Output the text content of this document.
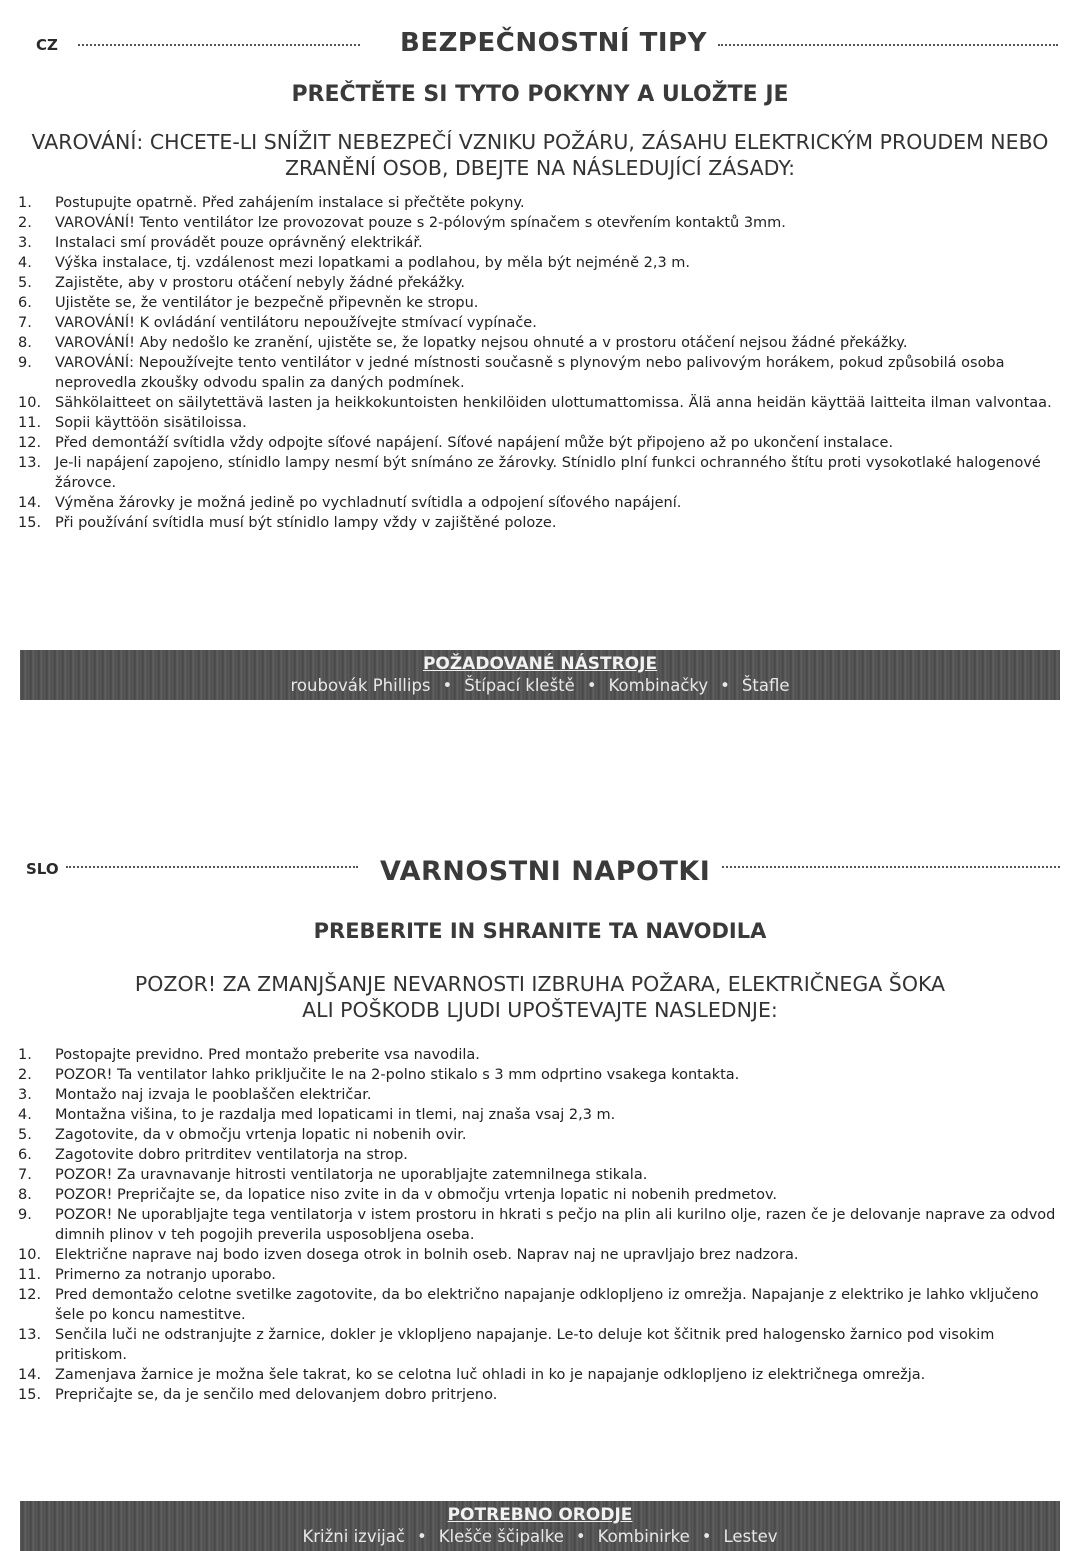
CZ	BEZPEČNOSTNÍ TIPY
PREČTĚTE SI TYTO POKYNY A ULOŽTE JE
VAROVÁNÍ: CHCETE-LI SNÍŽIT NEBEZPEČÍ VZNIKU POŽÁRU, ZÁSAHU ELEKTRICKÝM PROUDEM NEBO
ZRANĚNÍ OSOB, DBEJTE NA NÁSLEDUJÍCÍ ZÁSADY:
1.	Postupujte opatrně. Před zahájením instalace si přečtěte pokyny.
2.	VAROVÁNÍ! Tento ventilátor lze provozovat pouze s 2-pólovým spínačem s otevřením kontaktů 3mm.
3.	Instalaci smí provádět pouze oprávněný elektrikář.
4.	Výška instalace, tj. vzdálenost mezi lopatkami a podlahou, by měla být nejméně 2,3 m.
5.	Zajistěte, aby v prostoru otáčení nebyly žádné překážky.
6.	Ujistěte se, že ventilátor je bezpečně připevněn ke stropu.
7.	VAROVÁNÍ! K ovládání ventilátoru nepoužívejte stmívací vypínače.
8.	VAROVÁNÍ! Aby nedošlo ke zranění, ujistěte se, že lopatky nejsou ohnuté a v prostoru otáčení nejsou žádné překážky.
9.	VAROVÁNÍ: Nepoužívejte tento ventilátor v jedné místnosti současně s plynovým nebo palivovým horákem, pokud způsobilá osoba neprovedla zkoušky odvodu spalin za daných podmínek.
10. Sähkölaitteet on säilytettävä lasten ja heikkokuntoisten henkilöiden ulottumattomissa. Älä anna heidän käyttää laitteita ilman valvontaa.
11. Sopii käyttöön sisätiloissa.
12. Před demontáží svítidla vždy odpojte síťové napájení. Síťové napájení může být připojeno až po ukončení instalace.
13. Je-li napájení zapojeno, stínidlo lampy nesmí být snímáno ze žárovky. Stínidlo plní funkci ochranného štítu proti vysokotlaké halogenové žárovce.
14. Výměna žárovky je možná jedině po vychladnutí svítidla a odpojení síťového napájení.
15. Při používání svítidla musí být stínidlo lampy vždy v zajištěné poloze.
POŽADOVANÉ NÁSTROJE
roubovák Phillips • Štípací kleště • Kombinačky • Štafle
SLO	VARNOSTNI NAPOTKI
PREBERITE IN SHRANITE TA NAVODILA
POZOR! ZA ZMANJŠANJE NEVARNOSTI IZBRUHA POŽARA, ELEKTRIČNEGA ŠOKA
ALI POŠKODB LJUDI UPOŠTEVAJTE NASLEDNJE:
1.	Postopajte previdno. Pred montažo preberite vsa navodila.
2.	POZOR! Ta ventilator lahko priključite le na 2-polno stikalo s 3 mm odprtino vsakega kontakta.
3.	Montažo naj izvaja le pooblaščen električar.
4.	Montažna višina, to je razdalja med lopaticami in tlemi, naj znaša vsaj 2,3 m.
5.	Zagotovite, da v območju vrtenja lopatic ni nobenih ovir.
6.	Zagotovite dobro pritrditev ventilatorja na strop.
7.	POZOR! Za uravnavanje hitrosti ventilatorja ne uporabljajte zatemnilnega stikala.
8.	POZOR! Prepričajte se, da lopatice niso zvite in da v območju vrtenja lopatic ni nobenih predmetov.
9.	POZOR! Ne uporabljajte tega ventilatorja v istem prostoru in hkrati s pečjo na plin ali kurilno olje, razen če je delovanje naprave za odvod dimnih plinov v teh pogojih preverila usposobljena oseba.
10. Električne naprave naj bodo izven dosega otrok in bolnih oseb. Naprav naj ne upravljajo brez nadzora.
11. Primerno za notranjo uporabo.
12. Pred demontažo celotne svetilke zagotovite, da bo električno napajanje odklopljeno iz omrežja. Napajanje z elektriko je lahko vključeno šele po koncu namestitve.
13. Senčila luči ne odstranjujte z žarnice, dokler je vklopljeno napajanje. Le-to deluje kot ščitnik pred halogensko žarnico pod visokim pritiskom.
14. Zamenjava žarnice je možna šele takrat, ko se celotna luč ohladi in ko je napajanje odklopljeno iz električnega omrežja.
15. Prepričajte se, da je senčilo med delovanjem dobro pritrjeno.
POTREBNO ORODJE
Križni izvijač • Klešče ščipalke • Kombinirke • Lestev
